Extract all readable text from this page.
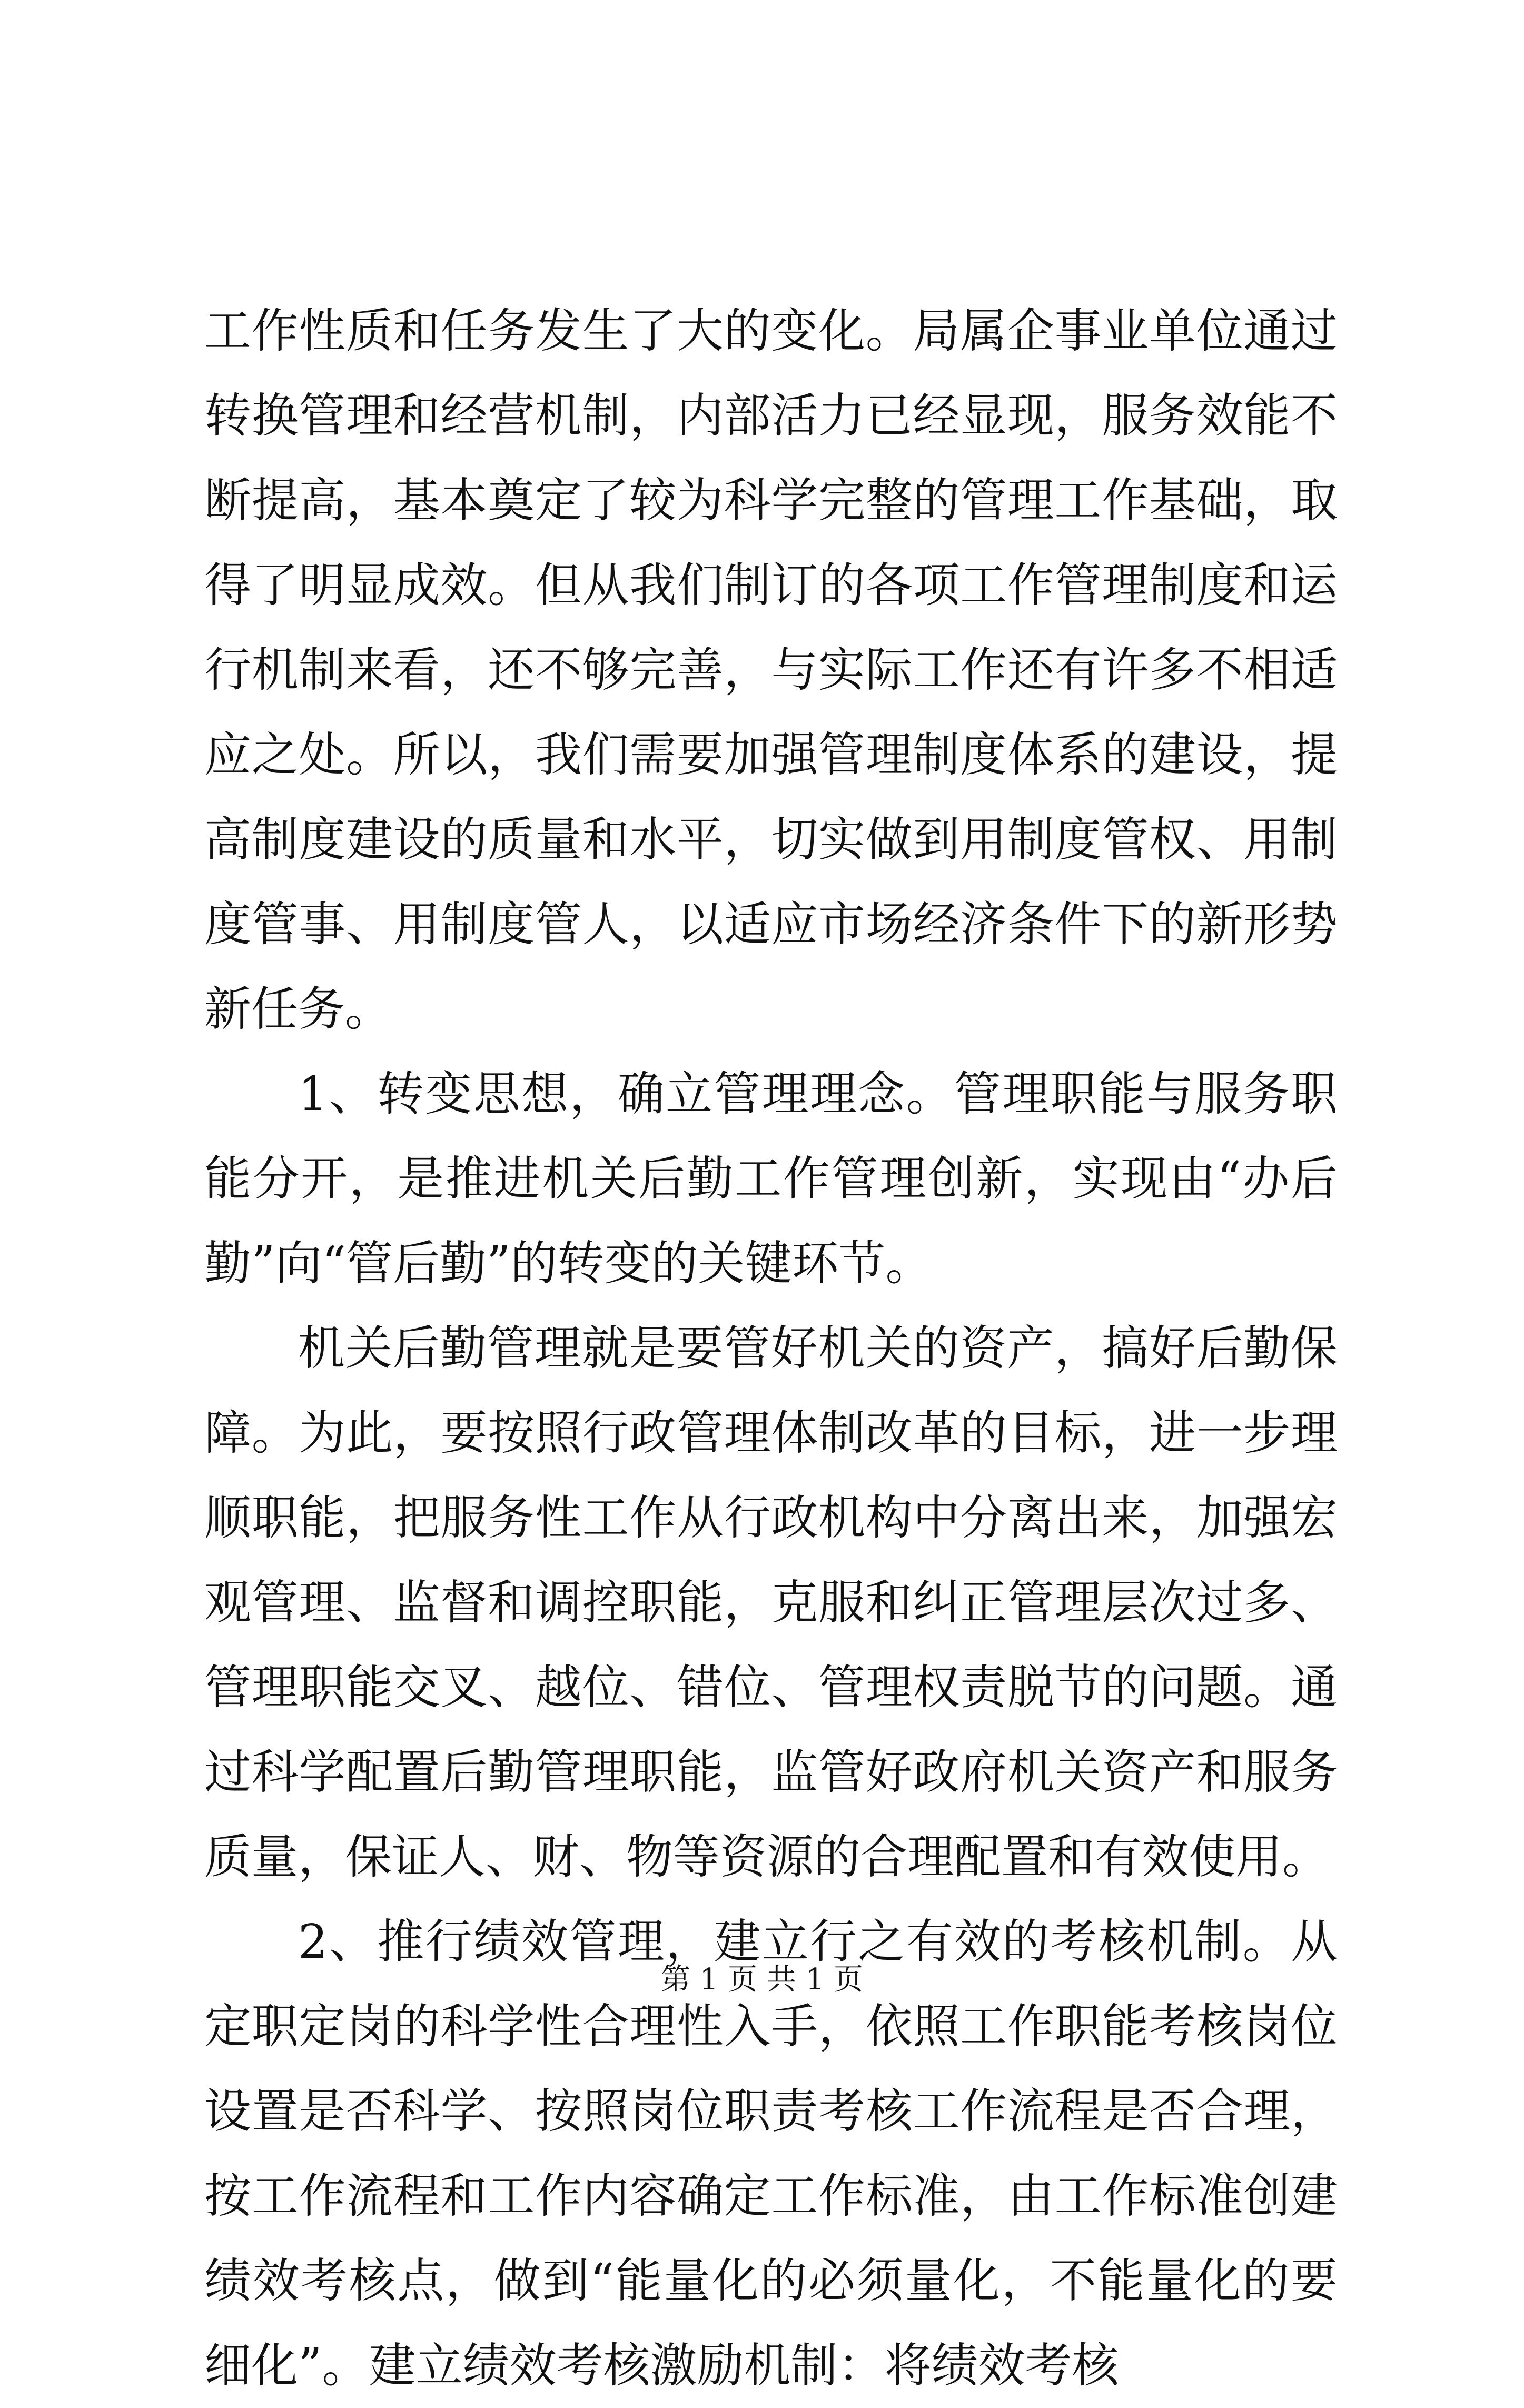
工作性质和任务发生了大的变化。局属企事业单位通过转换管理和经营机制，内部活力已经显现，服务效能不断提高，基本奠定了较为科学完整的管理工作基础，取得了明显成效。但从我们制订的各项工作管理制度和运行机制来看，还不够完善，与实际工作还有许多不相适应之处。所以，我们需要加强管理制度体系的建设，提高制度建设的质量和水平，切实做到用制度管权、用制度管事、用制度管人，以适应市场经济条件下的新形势新任务。

1、转变思想，确立管理理念。管理职能与服务职能分开，是推进机关后勤工作管理创新，实现由“办后勤”向“管后勤”的转变的关键环节。

机关后勤管理就是要管好机关的资产，搞好后勤保障。为此，要按照行政管理体制改革的目标，进一步理顺职能，把服务性工作从行政机构中分离出来，加强宏观管理、监督和调控职能，克服和纠正管理层次过多、管理职能交叉、越位、错位、管理权责脱节的问题。通过科学配置后勤管理职能，监管好政府机关资产和服务质量，保证人、财、物等资源的合理配置和有效使用。

2、推行绩效管理，建立行之有效的考核机制。从定职定岗的科学性合理性入手，依照工作职能考核岗位设置是否科学、按照岗位职责考核工作流程是否合理，按工作流程和工作内容确定工作标准，由工作标准创建绩效考核点，做到“能量化的必须量化，不能量化的要细化”。建立绩效考核激励机制：将绩效考核

第 1 页 共 1 页
